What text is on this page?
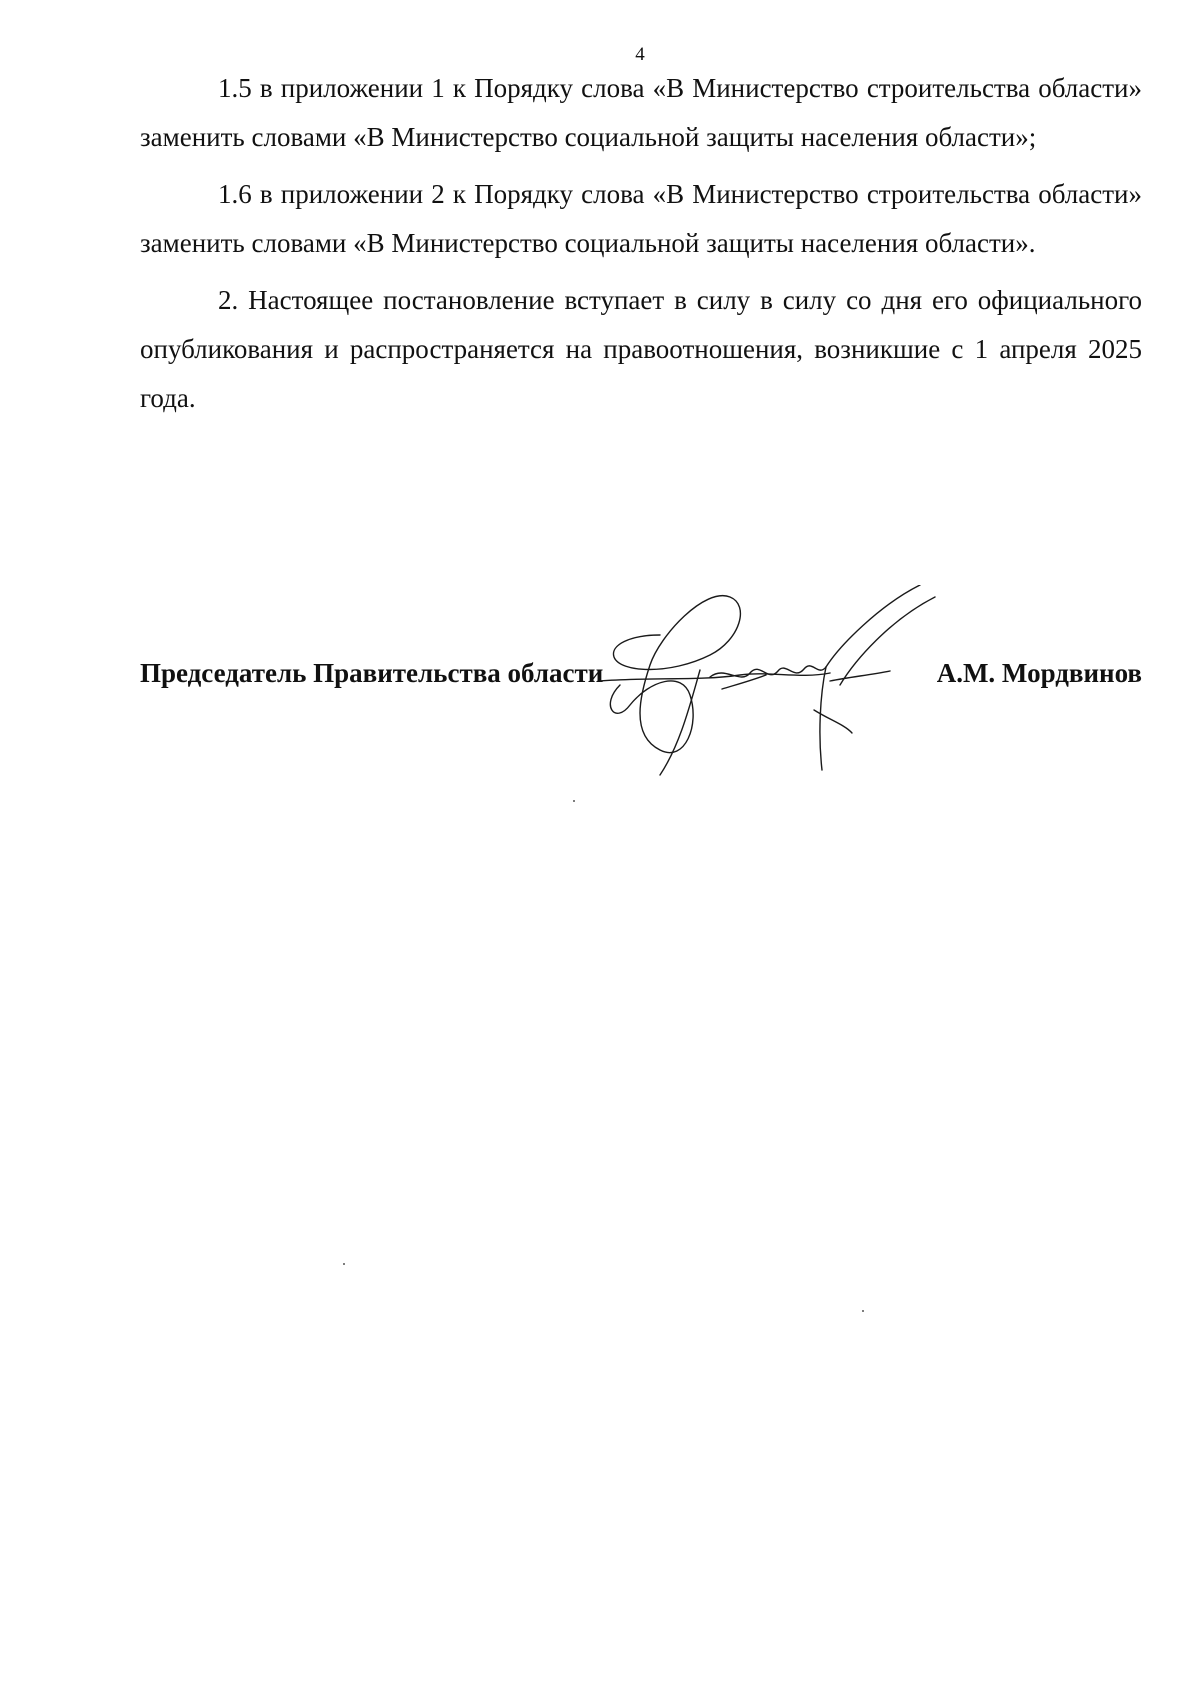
4

1.5 в приложении 1 к Порядку слова «В Министерство строительства области» заменить словами «В Министерство социальной защиты населения области»;

1.6 в приложении 2 к Порядку слова «В Министерство строительства области» заменить словами «В Министерство социальной защиты населения области».

2. Настоящее постановление вступает в силу в силу со дня его официального опубликования и распространяется на правоотношения, возникшие с 1 апреля 2025 года.

Председатель Правительства области	А.М. Мордвинов
